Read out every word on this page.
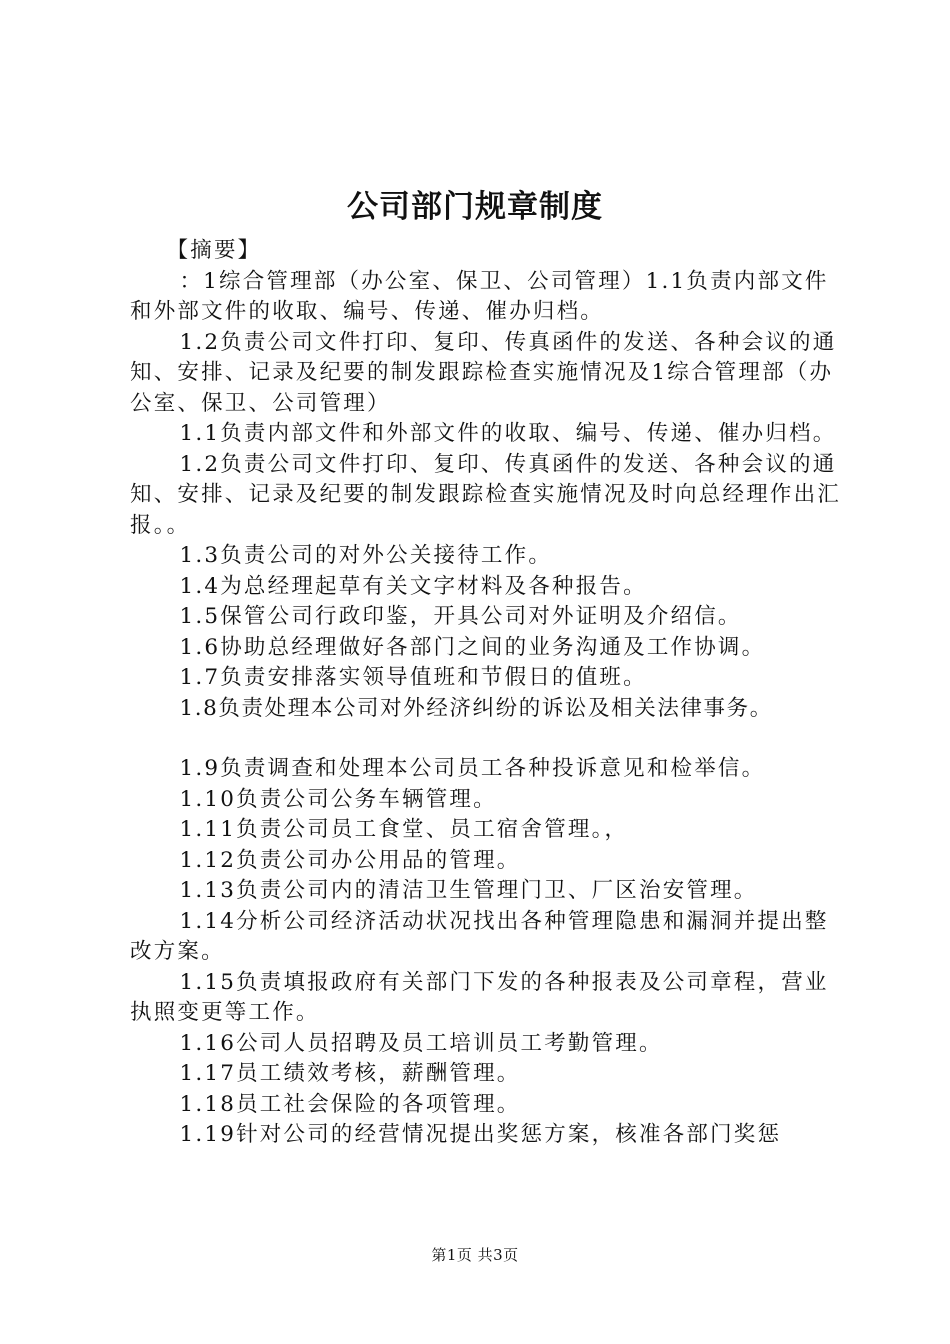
公司部门规章制度

【摘要】

：1综合管理部（办公室、保卫、公司管理）1.1负责内部文件和外部文件的收取、编号、传递、催办归档。

1.2负责公司文件打印、复印、传真函件的发送、各种会议的通知、安排、记录及纪要的制发跟踪检查实施情况及1综合管理部（办公室、保卫、公司管理）

1.1负责内部文件和外部文件的收取、编号、传递、催办归档。

1.2负责公司文件打印、复印、传真函件的发送、各种会议的通知、安排、记录及纪要的制发跟踪检查实施情况及时向总经理作出汇报。。

1.3负责公司的对外公关接待工作。

1.4为总经理起草有关文字材料及各种报告。

1.5保管公司行政印鉴，开具公司对外证明及介绍信。

1.6协助总经理做好各部门之间的业务沟通及工作协调。

1.7负责安排落实领导值班和节假日的值班。

1.8负责处理本公司对外经济纠纷的诉讼及相关法律事务。

1.9负责调查和处理本公司员工各种投诉意见和检举信。

1.10负责公司公务车辆管理。

1.11负责公司员工食堂、员工宿舍管理。，

1.12负责公司办公用品的管理。

1.13负责公司内的清洁卫生管理门卫、厂区治安管理。

1.14分析公司经济活动状况找出各种管理隐患和漏洞并提出整改方案。

1.15负责填报政府有关部门下发的各种报表及公司章程，营业执照变更等工作。

1.16公司人员招聘及员工培训员工考勤管理。

1.17员工绩效考核，薪酬管理。

1.18员工社会保险的各项管理。

1.19针对公司的经营情况提出奖惩方案，核准各部门奖惩

第1页 共3页
